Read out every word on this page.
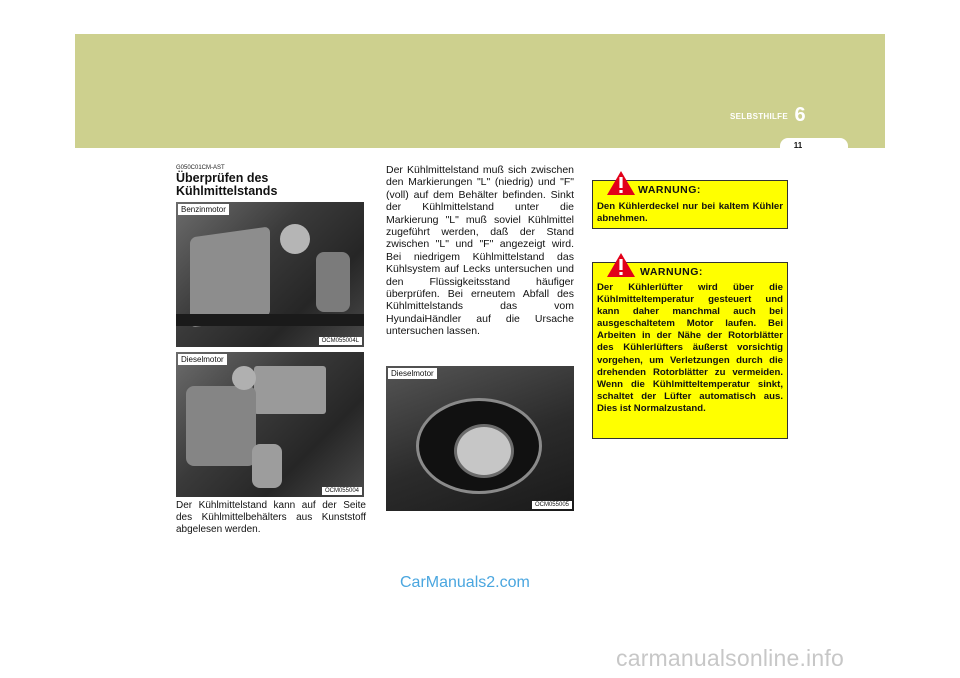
SELBSTHILFE 6
11
G050C01CM-AST
Überprüfen des Kühlmittelstands
Benzinmotor
OCM055004L
Dieselmotor
OCM055004
Der Kühlmittelstand kann auf der Seite des Kühlmittelbehälters aus Kunststoff abgelesen werden.
Der Kühlmittelstand muß sich zwischen den Markierungen "L" (niedrig) und "F" (voll) auf dem Behälter befinden. Sinkt der Kühlmittelstand unter die Markierung "L" muß soviel Kühlmittel zugeführt werden, daß der Stand zwischen "L" und "F" angezeigt wird. Bei niedrigem Kühlmittelstand das Kühlsystem auf Lecks untersuchen und den Flüssigkeitsstand häufiger überprüfen. Bei erneutem Abfall des Kühlmittelstands das vom HyundaiHändler auf die Ursache untersuchen lassen.
Dieselmotor
OCM055005
Den Kühlerdeckel nur bei kaltem Kühler abnehmen.
WARNUNG:
Der Kühlerlüfter wird über die Kühlmitteltemperatur gesteuert und kann daher manchmal auch bei ausgeschaltetem Motor laufen. Bei Arbeiten in der Nähe der Rotorblätter des Kühlerlüfters äußerst vorsichtig vorgehen, um Verletzungen durch die drehenden Rotorblätter zu vermeiden. Wenn die Kühlmitteltemperatur sinkt, schaltet der Lüfter automatisch aus. Dies ist Normalzustand.
WARNUNG:
CarManuals2.com
carmanualsonline.info
